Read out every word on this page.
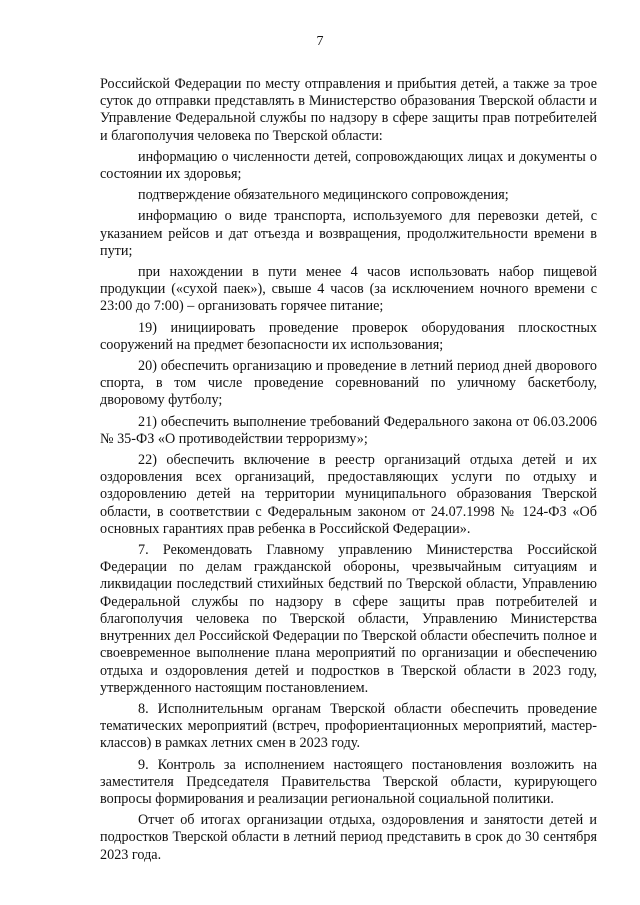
7

Российской Федерации по месту отправления и прибытия детей, а также за трое суток до отправки представлять в Министерство образования Тверской области и Управление Федеральной службы по надзору в сфере защиты прав потребителей и благополучия человека по Тверской области:

информацию о численности детей, сопровождающих лицах и документы о состоянии их здоровья;

подтверждение обязательного медицинского сопровождения;

информацию о виде транспорта, используемого для перевозки детей, с указанием рейсов и дат отъезда и возвращения, продолжительности времени в пути;

при нахождении в пути менее 4 часов использовать набор пищевой продукции («сухой паек»), свыше 4 часов (за исключением ночного времени с 23:00 до 7:00) – организовать горячее питание;

19) инициировать проведение проверок оборудования плоскостных сооружений на предмет безопасности их использования;

20) обеспечить организацию и проведение в летний период дней дворового спорта, в том числе проведение соревнований по уличному баскетболу, дворовому футболу;

21) обеспечить выполнение требований Федерального закона от 06.03.2006 № 35-ФЗ «О противодействии терроризму»;

22) обеспечить включение в реестр организаций отдыха детей и их оздоровления всех организаций, предоставляющих услуги по отдыху и оздоровлению детей на территории муниципального образования Тверской области, в соответствии с Федеральным законом от 24.07.1998 № 124-ФЗ «Об основных гарантиях прав ребенка в Российской Федерации».

7. Рекомендовать Главному управлению Министерства Российской Федерации по делам гражданской обороны, чрезвычайным ситуациям и ликвидации последствий стихийных бедствий по Тверской области, Управлению Федеральной службы по надзору в сфере защиты прав потребителей и благополучия человека по Тверской области, Управлению Министерства внутренних дел Российской Федерации по Тверской области обеспечить полное и своевременное выполнение плана мероприятий по организации и обеспечению отдыха и оздоровления детей и подростков в Тверской области в 2023 году, утвержденного настоящим постановлением.

8. Исполнительным органам Тверской области обеспечить проведение тематических мероприятий (встреч, профориентационных мероприятий, мастер-классов) в рамках летних смен в 2023 году.

9. Контроль за исполнением настоящего постановления возложить на заместителя Председателя Правительства Тверской области, курирующего вопросы формирования и реализации региональной социальной политики.

Отчет об итогах организации отдыха, оздоровления и занятости детей и подростков Тверской области в летний период представить в срок до 30 сентября 2023 года.
